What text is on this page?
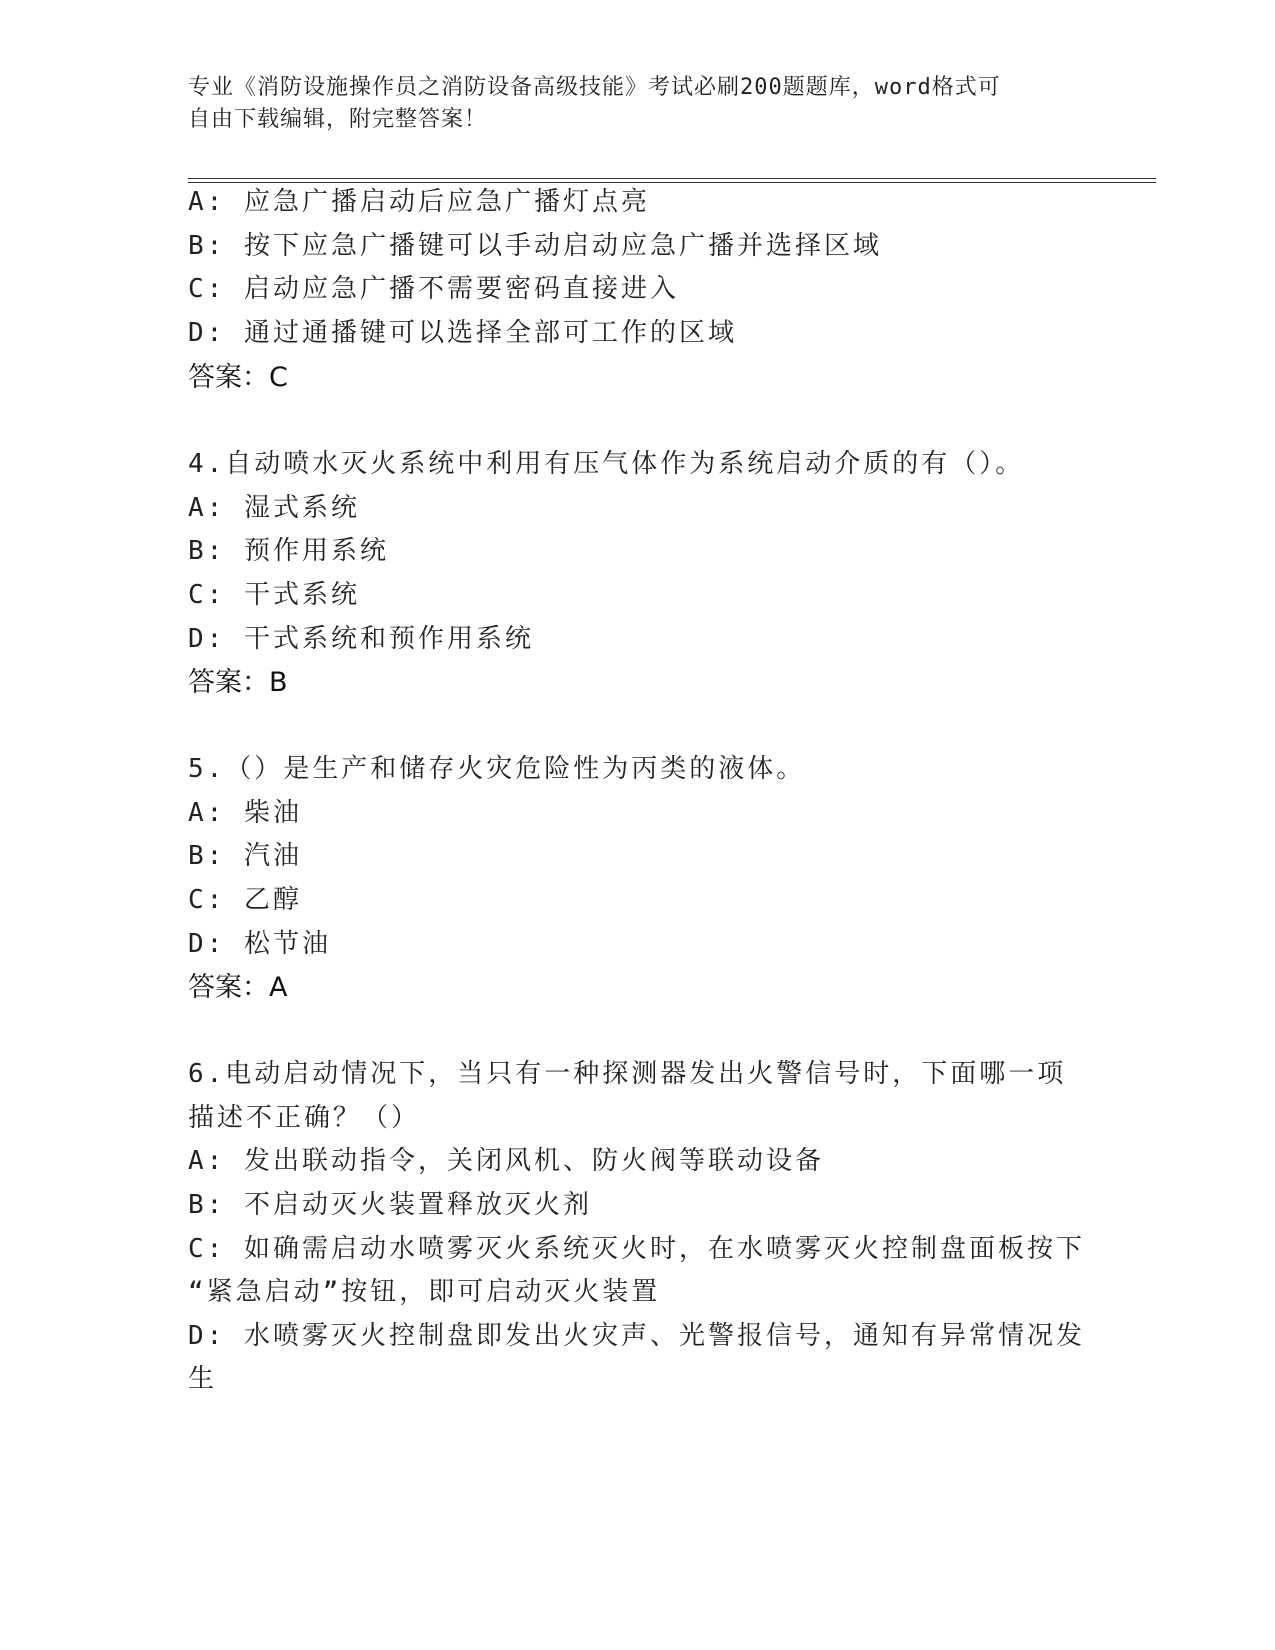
专业《消防设施操作员之消防设备高级技能》考试必刷200题题库，word格式可
自由下载编辑，附完整答案！
A: 应急广播启动后应急广播灯点亮
B: 按下应急广播键可以手动启动应急广播并选择区域
C: 启动应急广播不需要密码直接进入
D: 通过通播键可以选择全部可工作的区域
答案：C
4.自动喷水灭火系统中利用有压气体作为系统启动介质的有（）。
A: 湿式系统
B: 预作用系统
C: 干式系统
D: 干式系统和预作用系统
答案：B
5.（）是生产和储存火灾危险性为丙类的液体。
A: 柴油
B: 汽油
C: 乙醇
D: 松节油
答案：A
6.电动启动情况下，当只有一种探测器发出火警信号时，下面哪一项
描述不正确？（）
A: 发出联动指令，关闭风机、防火阀等联动设备
B: 不启动灭火装置释放灭火剂
C: 如确需启动水喷雾灭火系统灭火时，在水喷雾灭火控制盘面板按下
“紧急启动”按钮，即可启动灭火装置
D: 水喷雾灭火控制盘即发出火灾声、光警报信号，通知有异常情况发
生
